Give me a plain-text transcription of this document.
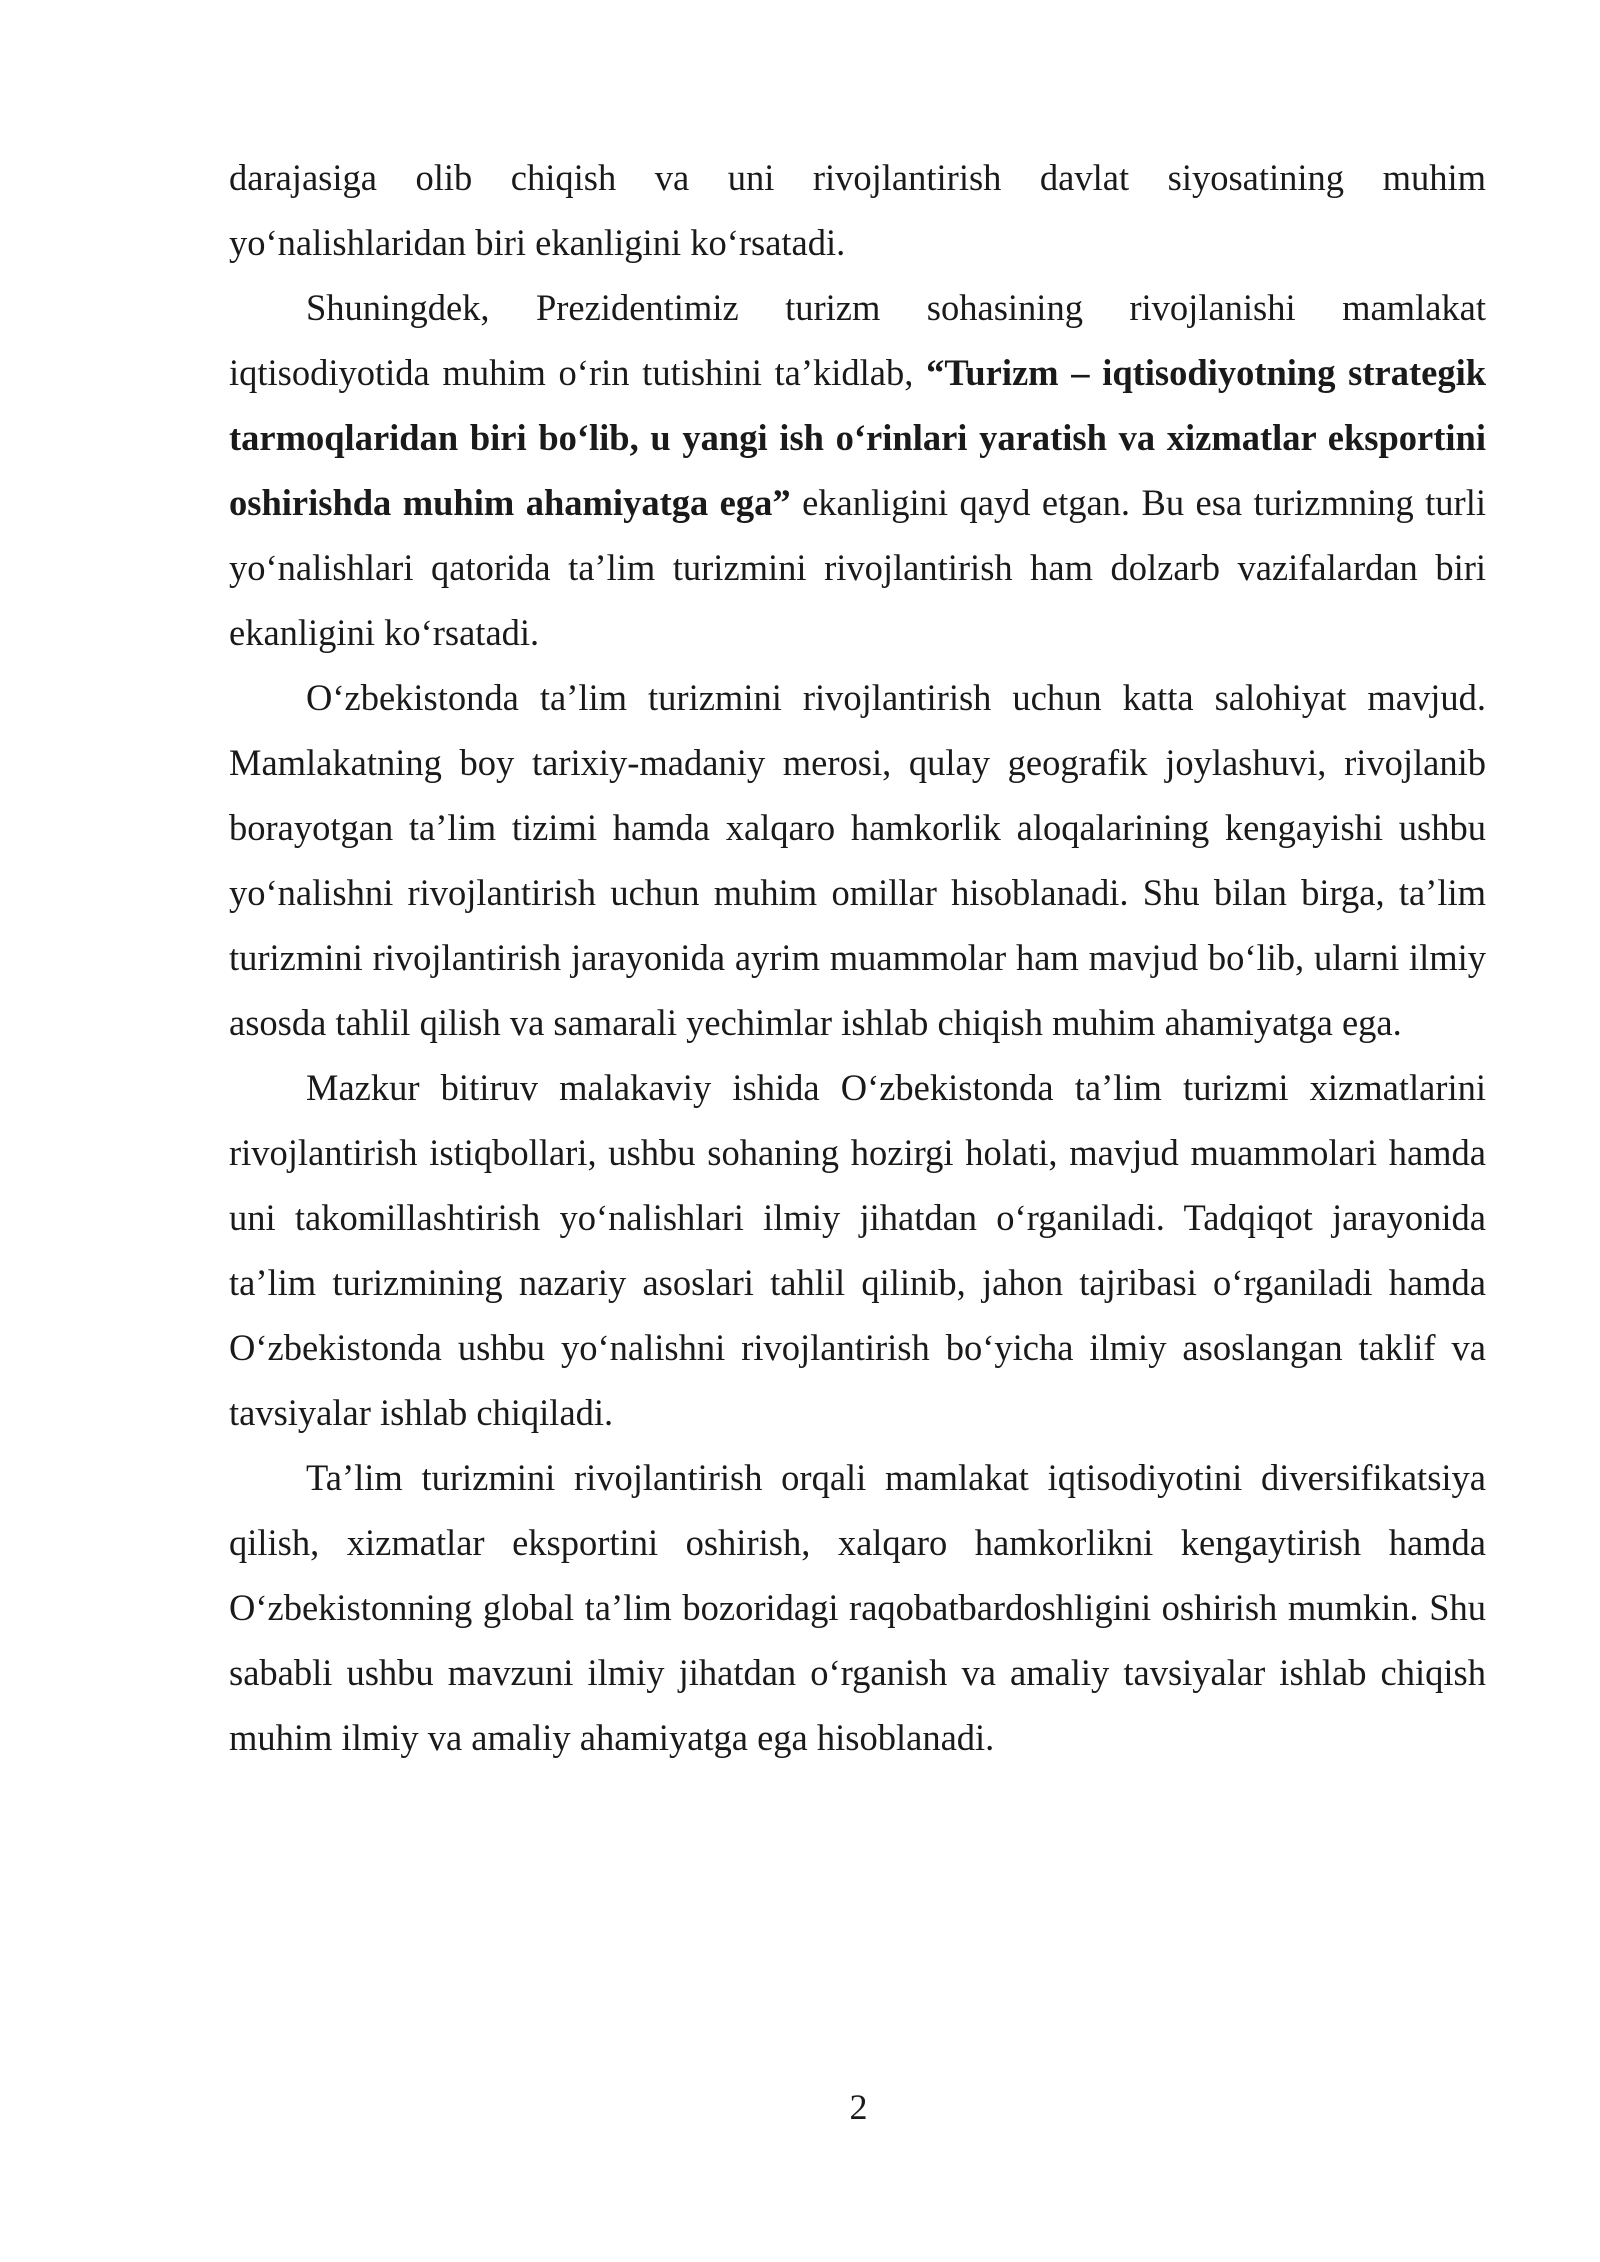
darajasiga olib chiqish va uni rivojlantirish davlat siyosatining muhim yo‘nalishlaridan biri ekanligini ko‘rsatadi.

Shuningdek, Prezidentimiz turizm sohasining rivojlanishi mamlakat iqtisodiyotida muhim o‘rin tutishini ta’kidlab, “Turizm – iqtisodiyotning strategik tarmoqlaridan biri bo‘lib, u yangi ish o‘rinlari yaratish va xizmatlar eksportini oshirishda muhim ahamiyatga ega” ekanligini qayd etgan. Bu esa turizmning turli yo‘nalishlari qatorida ta’lim turizmini rivojlantirish ham dolzarb vazifalardan biri ekanligini ko‘rsatadi.

O‘zbekistonda ta’lim turizmini rivojlantirish uchun katta salohiyat mavjud. Mamlakatning boy tarixiy-madaniy merosi, qulay geografik joylashuvi, rivojlanib borayotgan ta’lim tizimi hamda xalqaro hamkorlik aloqalarining kengayishi ushbu yo‘nalishni rivojlantirish uchun muhim omillar hisoblanadi. Shu bilan birga, ta’lim turizmini rivojlantirish jarayonida ayrim muammolar ham mavjud bo‘lib, ularni ilmiy asosda tahlil qilish va samarali yechimlar ishlab chiqish muhim ahamiyatga ega.

Mazkur bitiruv malakaviy ishida O‘zbekistonda ta’lim turizmi xizmatlarini rivojlantirish istiqbollari, ushbu sohaning hozirgi holati, mavjud muammolari hamda uni takomillashtirish yo‘nalishlari ilmiy jihatdan o‘rganiladi. Tadqiqot jarayonida ta’lim turizmining nazariy asoslari tahlil qilinib, jahon tajribasi o‘rganiladi hamda O‘zbekistonda ushbu yo‘nalishni rivojlantirish bo‘yicha ilmiy asoslangan taklif va tavsiyalar ishlab chiqiladi.

Ta’lim turizmini rivojlantirish orqali mamlakat iqtisodiyotini diversifikatsiya qilish, xizmatlar eksportini oshirish, xalqaro hamkorlikni kengaytirish hamda O‘zbekistonning global ta’lim bozoridagi raqobatbardoshligini oshirish mumkin. Shu sababli ushbu mavzuni ilmiy jihatdan o‘rganish va amaliy tavsiyalar ishlab chiqish muhim ilmiy va amaliy ahamiyatga ega hisoblanadi.

2
